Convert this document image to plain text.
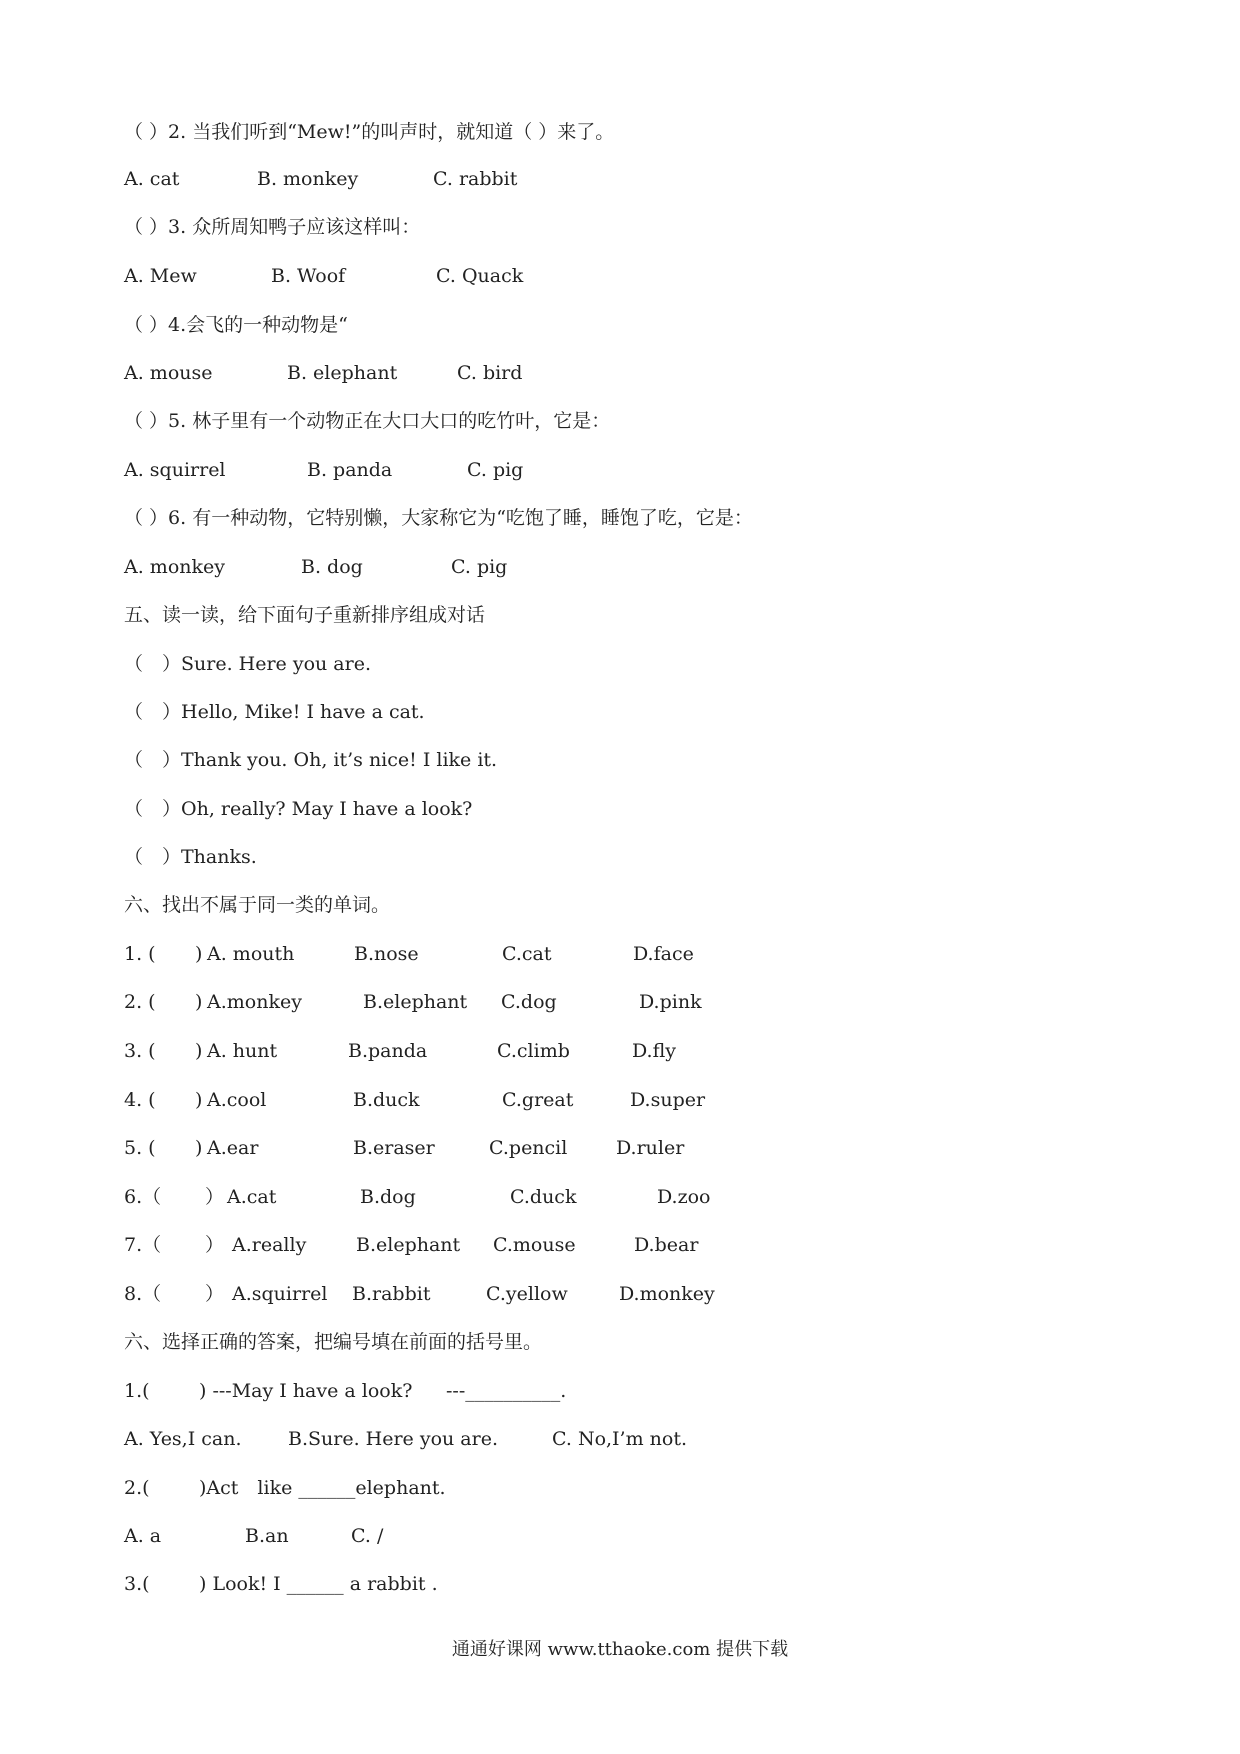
（ ）2. 当我们听到“Mew!”的叫声时，就知道（ ）来了。
A. cat	B. monkey	C. rabbit
（ ）3. 众所周知鸭子应该这样叫：
A. Mew	B. Woof	C. Quack
（ ）4.会飞的一种动物是“
A. mouse	B. elephant	C. bird
（ ）5. 林子里有一个动物正在大口大口的吃竹叶，它是：
A. squirrel	B. panda	C. pig
（ ）6. 有一种动物，它特别懒，大家称它为“吃饱了睡，睡饱了吃，它是：
A. monkey	B. dog	C. pig
五、读一读，给下面句子重新排序组成对话
（　）Sure. Here you are.
（　）Hello, Mike! I have a cat.
（　）Thank you. Oh, it’s nice! I like it.
（　）Oh, really? May I have a look?
（　）Thanks.
六、找出不属于同一类的单词。
1. ( ) A. mouth	B.nose	C.cat	D.face
2. ( ) A.monkey	B.elephant C.dog	D.pink
3. ( ) A. hunt	B.panda	C.climb	D.fly
4. ( ) A.cool	B.duck	C.great	D.super
5. ( ) A.ear	B.eraser	C.pencil	D.ruler
6.（ ） A.cat	B.dog	C.duck	D.zoo
7.（ ） A.really	B.elephant C.mouse	D.bear
8.（ ） A.squirrel B.rabbit	C.yellow	D.monkey
六、选择正确的答案，把编号填在前面的括号里。
1.(	) ---May I have a look? ---__________.
A. Yes,I can. B.Sure. Here you are.	C. No,I’m not.
2.(	)Act　like ______elephant.
A. a	B.an	C. /
3.(	) Look! I ______ a rabbit .
通通好课网 www.tthaoke.com 提供下载
